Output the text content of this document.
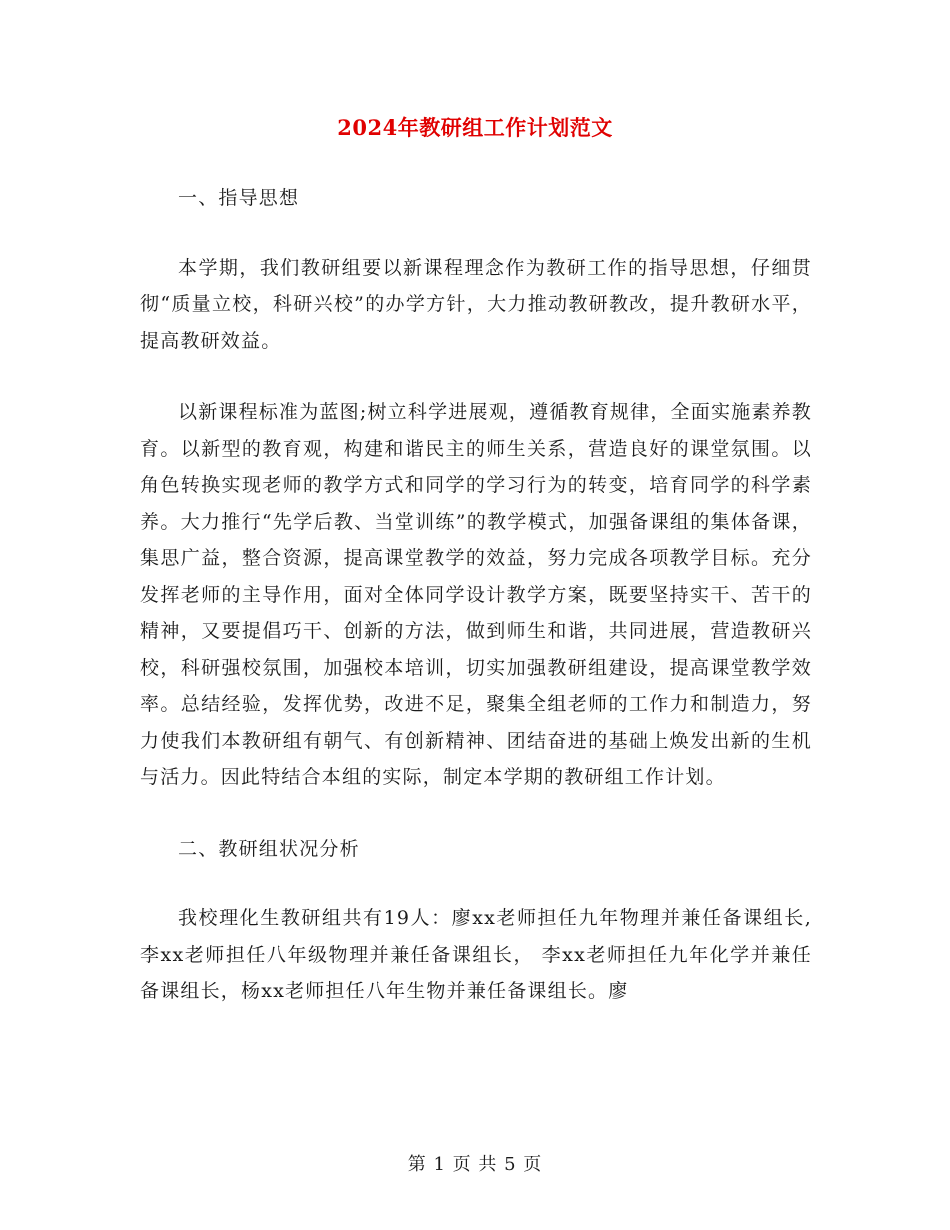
2024年教研组工作计划范文

一、指导思想

本学期，我们教研组要以新课程理念作为教研工作的指导思想，仔细贯彻“质量立校，科研兴校”的办学方针，大力推动教研教改，提升教研水平，提高教研效益。

以新课程标准为蓝图;树立科学进展观，遵循教育规律，全面实施素养教育。以新型的教育观，构建和谐民主的师生关系，营造良好的课堂氛围。以角色转换实现老师的教学方式和同学的学习行为的转变，培育同学的科学素养。大力推行“先学后教、当堂训练”的教学模式，加强备课组的集体备课，集思广益，整合资源，提高课堂教学的效益，努力完成各项教学目标。充分发挥老师的主导作用，面对全体同学设计教学方案，既要坚持实干、苦干的精神，又要提倡巧干、创新的方法，做到师生和谐，共同进展，营造教研兴校，科研强校氛围，加强校本培训，切实加强教研组建设，提高课堂教学效率。总结经验，发挥优势，改进不足，聚集全组老师的工作力和制造力，努力使我们本教研组有朝气、有创新精神、团结奋进的基础上焕发出新的生机与活力。因此特结合本组的实际，制定本学期的教研组工作计划。

二、教研组状况分析

我校理化生教研组共有19人：廖xx老师担任九年物理并兼任备课组长,李xx老师担任八年级物理并兼任备课组长， 李xx老师担任九年化学并兼任备课组长，杨xx老师担任八年生物并兼任备课组长。廖

第 1 页 共 5 页
